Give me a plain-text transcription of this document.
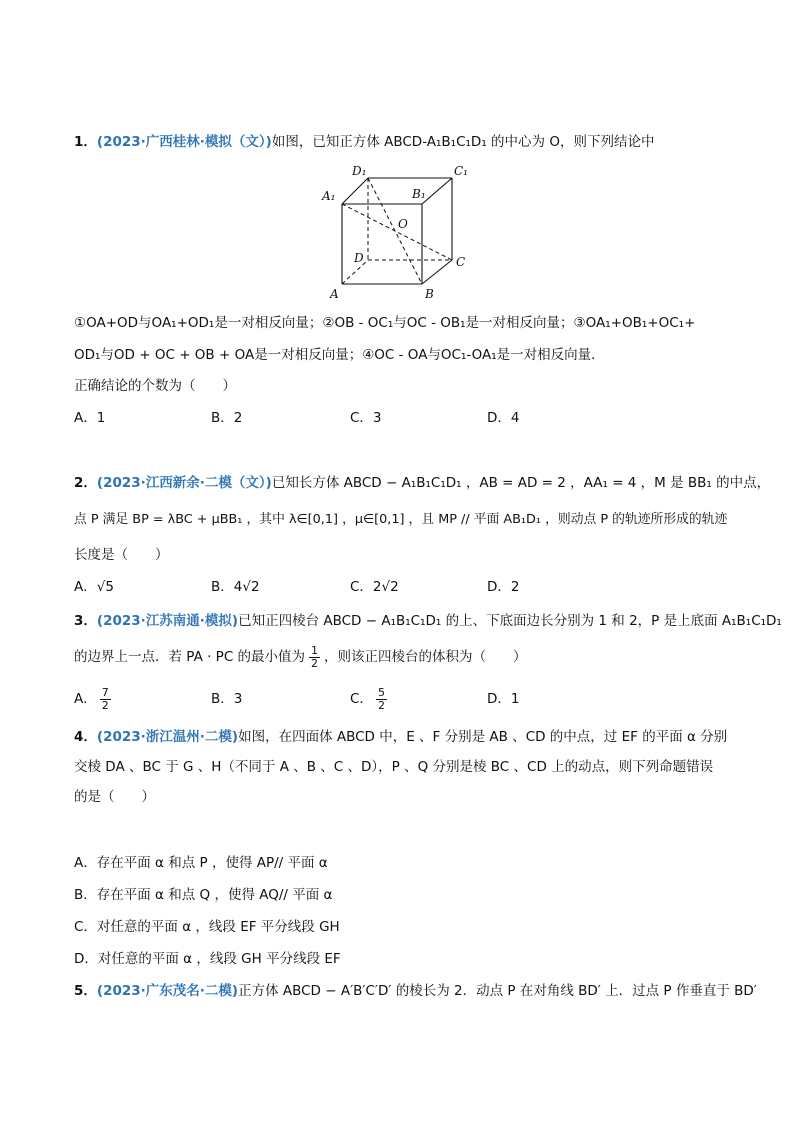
1．(2023·广西桂林·模拟（文）)如图，已知正方体 ABCD-A₁B₁C₁D₁ 的中心为 O，则下列结论中
D₁	C₁
B₁
A₁
O
D	C
A	B
①OA+OD与OA₁+OD₁是一对相反向量；②OB - OC₁与OC - OB₁是一对相反向量；③OA₁+OB₁+OC₁+
OD₁与OD + OC + OB + OA是一对相反向量；④OC - OA与OC₁-OA₁是一对相反向量．
正确结论的个数为（　　）
A．1	B．2	C．3	D．4
2．(2023·江西新余·二模（文）)已知长方体 ABCD − A₁B₁C₁D₁ ，AB = AD = 2 ，AA₁ = 4 ，M 是 BB₁ 的中点，
点 P 满足 BP = λBC + μBB₁ ，其中 λ∈[0,1] ，μ∈[0,1] ，且 MP // 平面 AB₁D₁ ，则动点 P 的轨迹所形成的轨迹
长度是（　　）
A．√5	B．4√2	C．2√2	D．2
3．(2023·江苏南通·模拟)已知正四棱台 ABCD − A₁B₁C₁D₁ 的上、下底面边长分别为 1 和 2，P 是上底面 A₁B₁C₁D₁
的边界上一点．若 PA · PC 的最小值为 $\frac{1}{2}$ ，则该正四棱台的体积为（　　）
A． $\frac{7}{2}$	B．3	C． $\frac{5}{2}$	D．1
4．(2023·浙江温州·二模)如图，在四面体 ABCD 中，E 、F 分别是 AB 、CD 的中点，过 EF 的平面 α 分别
交棱 DA 、BC 于 G 、H（不同于 A 、B 、C 、D），P 、Q 分别是棱 BC 、CD 上的动点，则下列命题错误
的是（　　）
A．存在平面 α 和点 P ，使得 AP// 平面 α
B．存在平面 α 和点 Q ，使得 AQ// 平面 α
C．对任意的平面 α ，线段 EF 平分线段 GH
D．对任意的平面 α ，线段 GH 平分线段 EF
5．(2023·广东茂名·二模)正方体 ABCD − A′B′C′D′ 的棱长为 2．动点 P 在对角线 BD′ 上．过点 P 作垂直于 BD′
